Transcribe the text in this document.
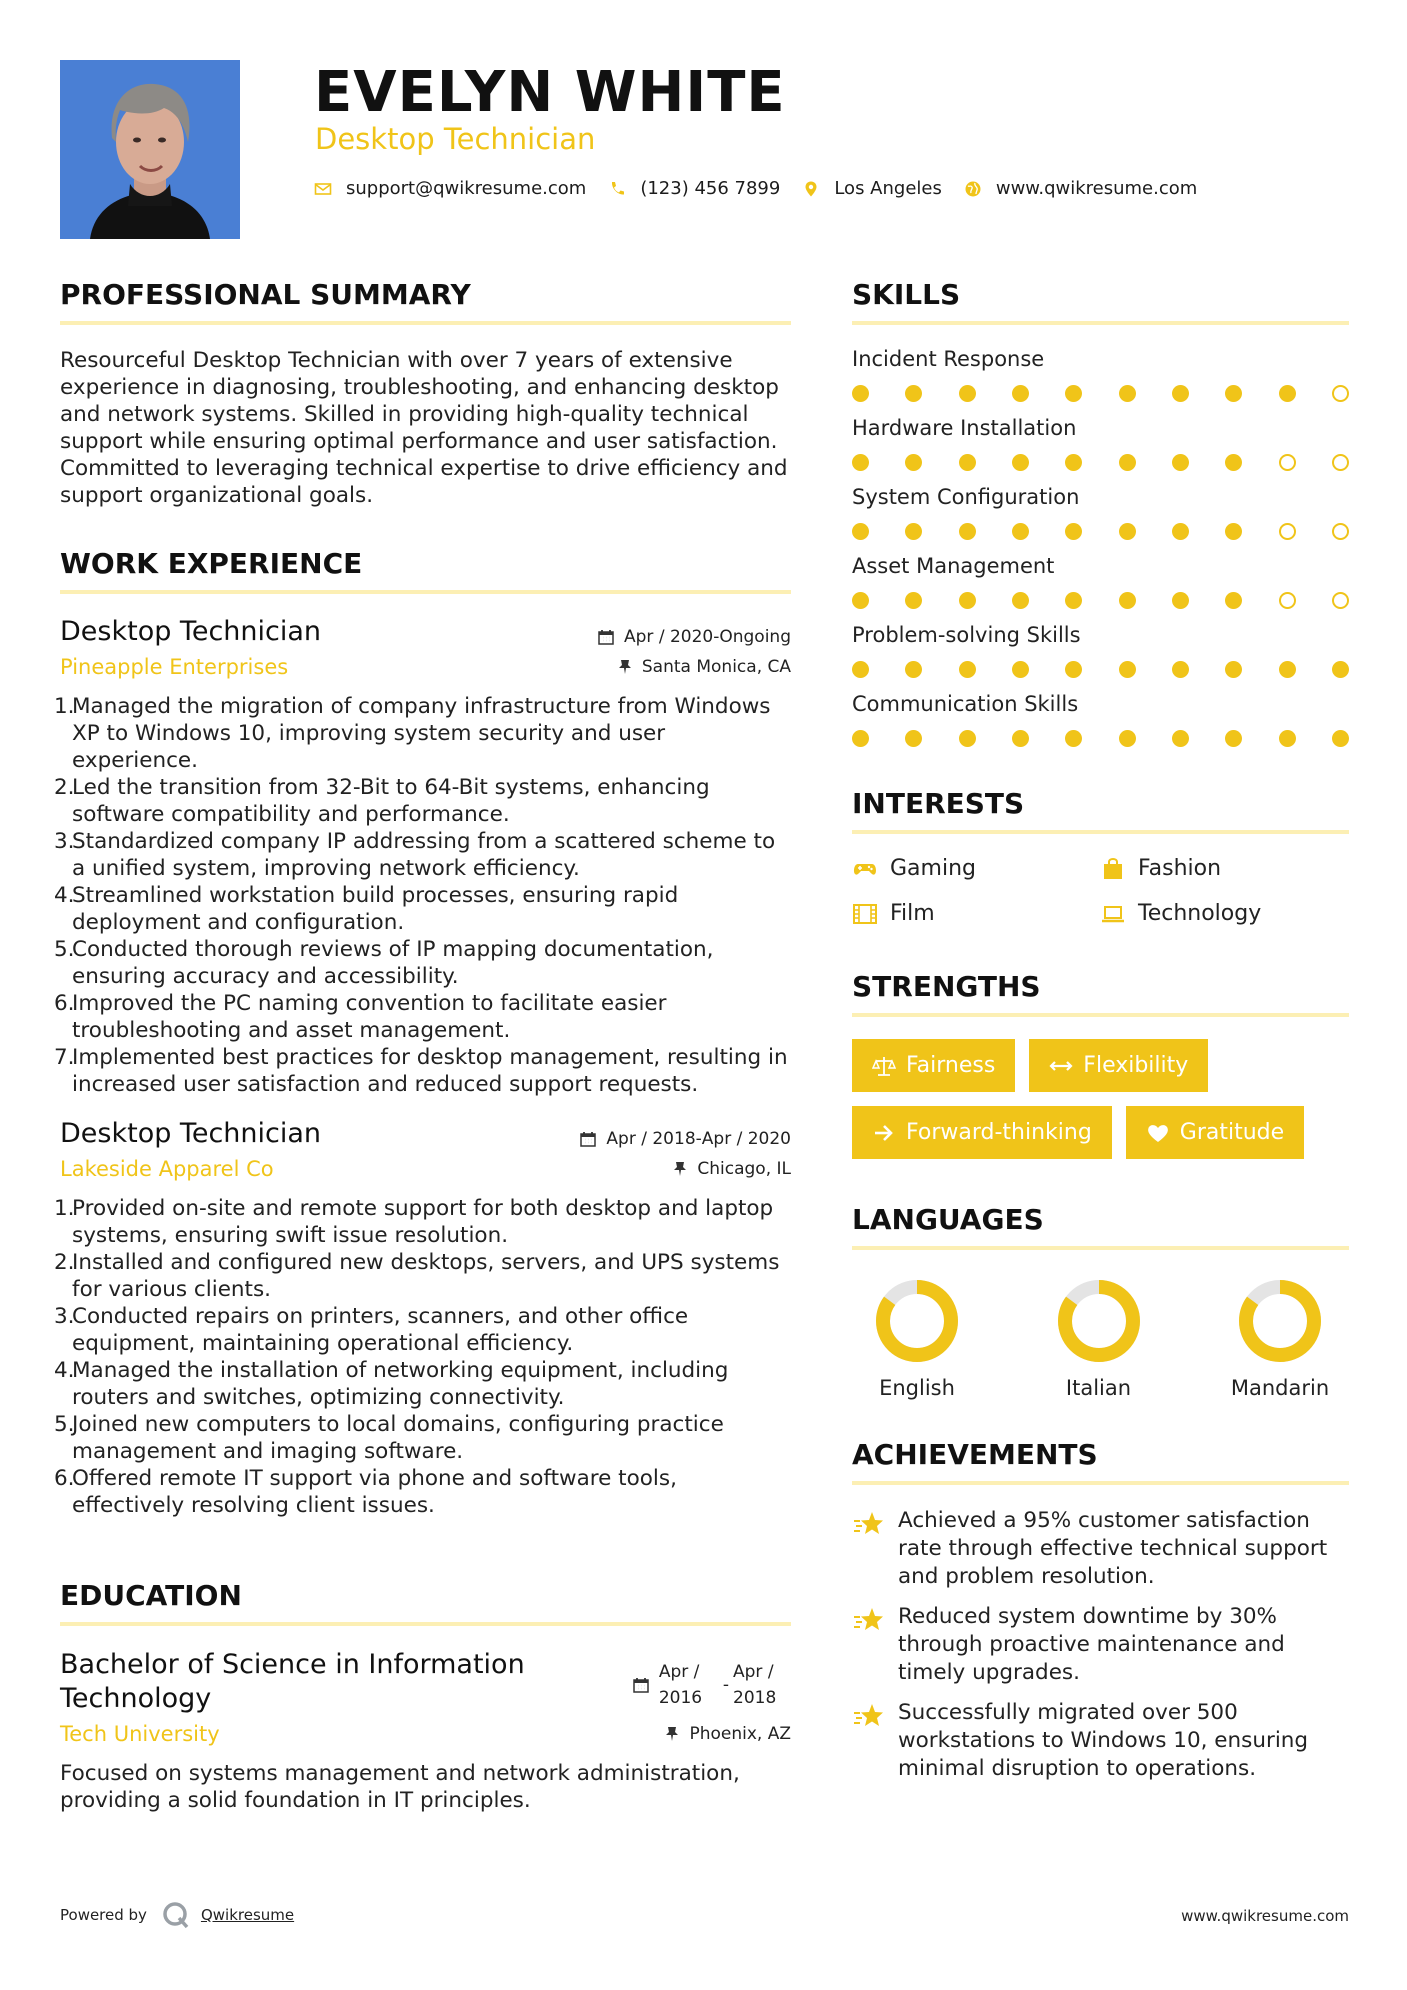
EVELYN WHITE
Desktop Technician
support@qwikresume.com	(123) 456 7899	Los Angeles	www.qwikresume.com
PROFESSIONAL SUMMARY

Resourceful Desktop Technician with over 7 years of extensive experience in diagnosing, troubleshooting, and enhancing desktop and network systems. Skilled in providing high-quality technical support while ensuring optimal performance and user satisfaction. Committed to leveraging technical expertise to drive efficiency and support organizational goals.

WORK EXPERIENCE
Desktop Technician	Apr / 2020 - Ongoing
Pineapple Enterprises	Santa Monica, CA
1.Managed the migration of company infrastructure from Windows XP to Windows 10, improving system security and user experience.
2.Led the transition from 32-Bit to 64-Bit systems, enhancing software compatibility and performance.
3.Standardized company IP addressing from a scattered scheme to a unified system, improving network efficiency.
4.Streamlined workstation build processes, ensuring rapid deployment and configuration.
5.Conducted thorough reviews of IP mapping documentation, ensuring accuracy and accessibility.
6.Improved the PC naming convention to facilitate easier troubleshooting and asset management.
7.Implemented best practices for desktop management, resulting in increased user satisfaction and reduced support requests.
Desktop Technician	Apr / 2018 - Apr / 2020
Lakeside Apparel Co	Chicago, IL
1.Provided on-site and remote support for both desktop and laptop systems, ensuring swift issue resolution.
2.Installed and configured new desktops, servers, and UPS systems for various clients.
3.Conducted repairs on printers, scanners, and other office equipment, maintaining operational efficiency.
4.Managed the installation of networking equipment, including routers and switches, optimizing connectivity.
5.Joined new computers to local domains, configuring practice management and imaging software.
6.Offered remote IT support via phone and software tools, effectively resolving client issues.
EDUCATION
Bachelor of Science in Information Technology
Apr /
2016
-
Apr /
2018
Tech University	Phoenix, AZ

Focused on systems management and network administration, providing a solid foundation in IT principles.

SKILLS
Incident Response
Hardware Installation
System Configuration
Asset Management
Problem-solving Skills
Communication Skills
INTERESTS
Gaming	Fashion
Film	Technology
STRENGTHS
Fairness	Flexibility
Forward-thinking	Gratitude
LANGUAGES
English	Italian	Mandarin
ACHIEVEMENTS
Achieved a 95% customer satisfaction rate through effective technical support and problem resolution.
Reduced system downtime by 30% through proactive maintenance and timely upgrades.
Successfully migrated over 500 workstations to Windows 10, ensuring minimal disruption to operations.
Powered by	Qwikresume	www.qwikresume.com
